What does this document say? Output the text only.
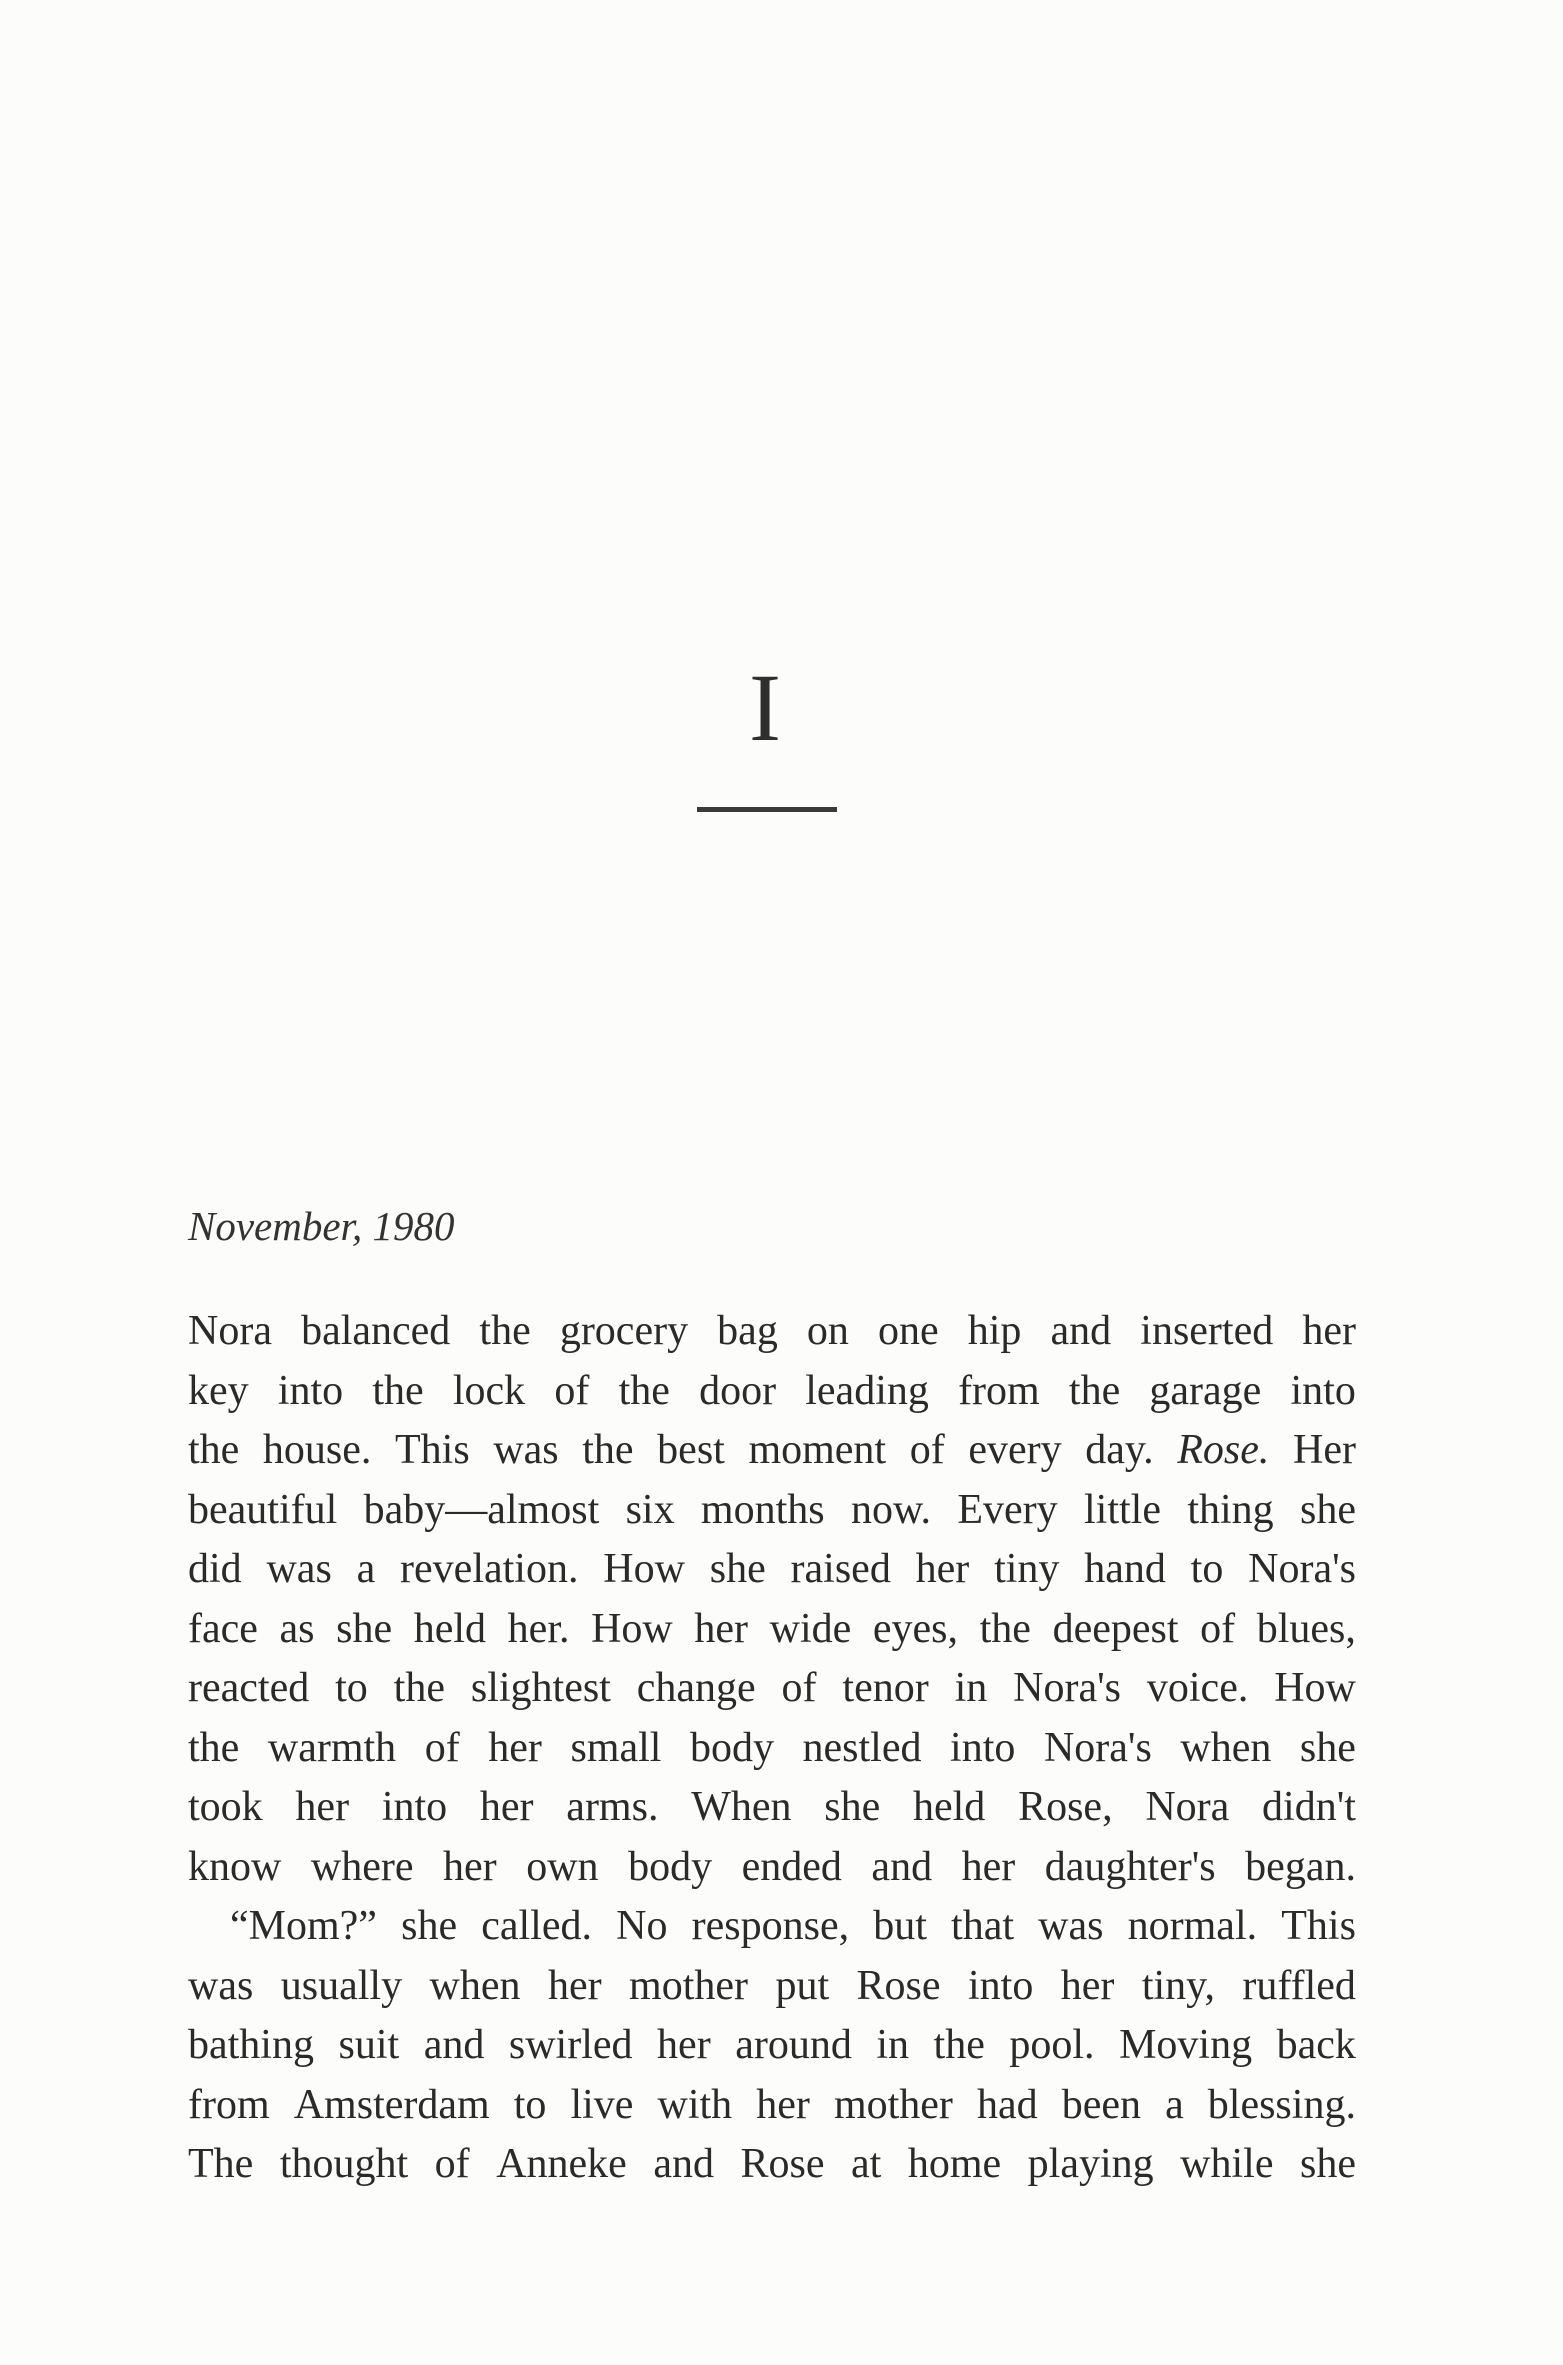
I
November, 1980
Nora balanced the grocery bag on one hip and inserted her
key into the lock of the door leading from the garage into
the house. This was the best moment of every day. Rose. Her
beautiful baby—almost six months now. Every little thing she
did was a revelation. How she raised her tiny hand to Nora's
face as she held her. How her wide eyes, the deepest of blues,
reacted to the slightest change of tenor in Nora's voice. How
the warmth of her small body nestled into Nora's when she
took her into her arms. When she held Rose, Nora didn't
know where her own body ended and her daughter's began.
“Mom?” she called. No response, but that was normal. This
was usually when her mother put Rose into her tiny, ruffled
bathing suit and swirled her around in the pool. Moving back
from Amsterdam to live with her mother had been a blessing.
The thought of Anneke and Rose at home playing while she
